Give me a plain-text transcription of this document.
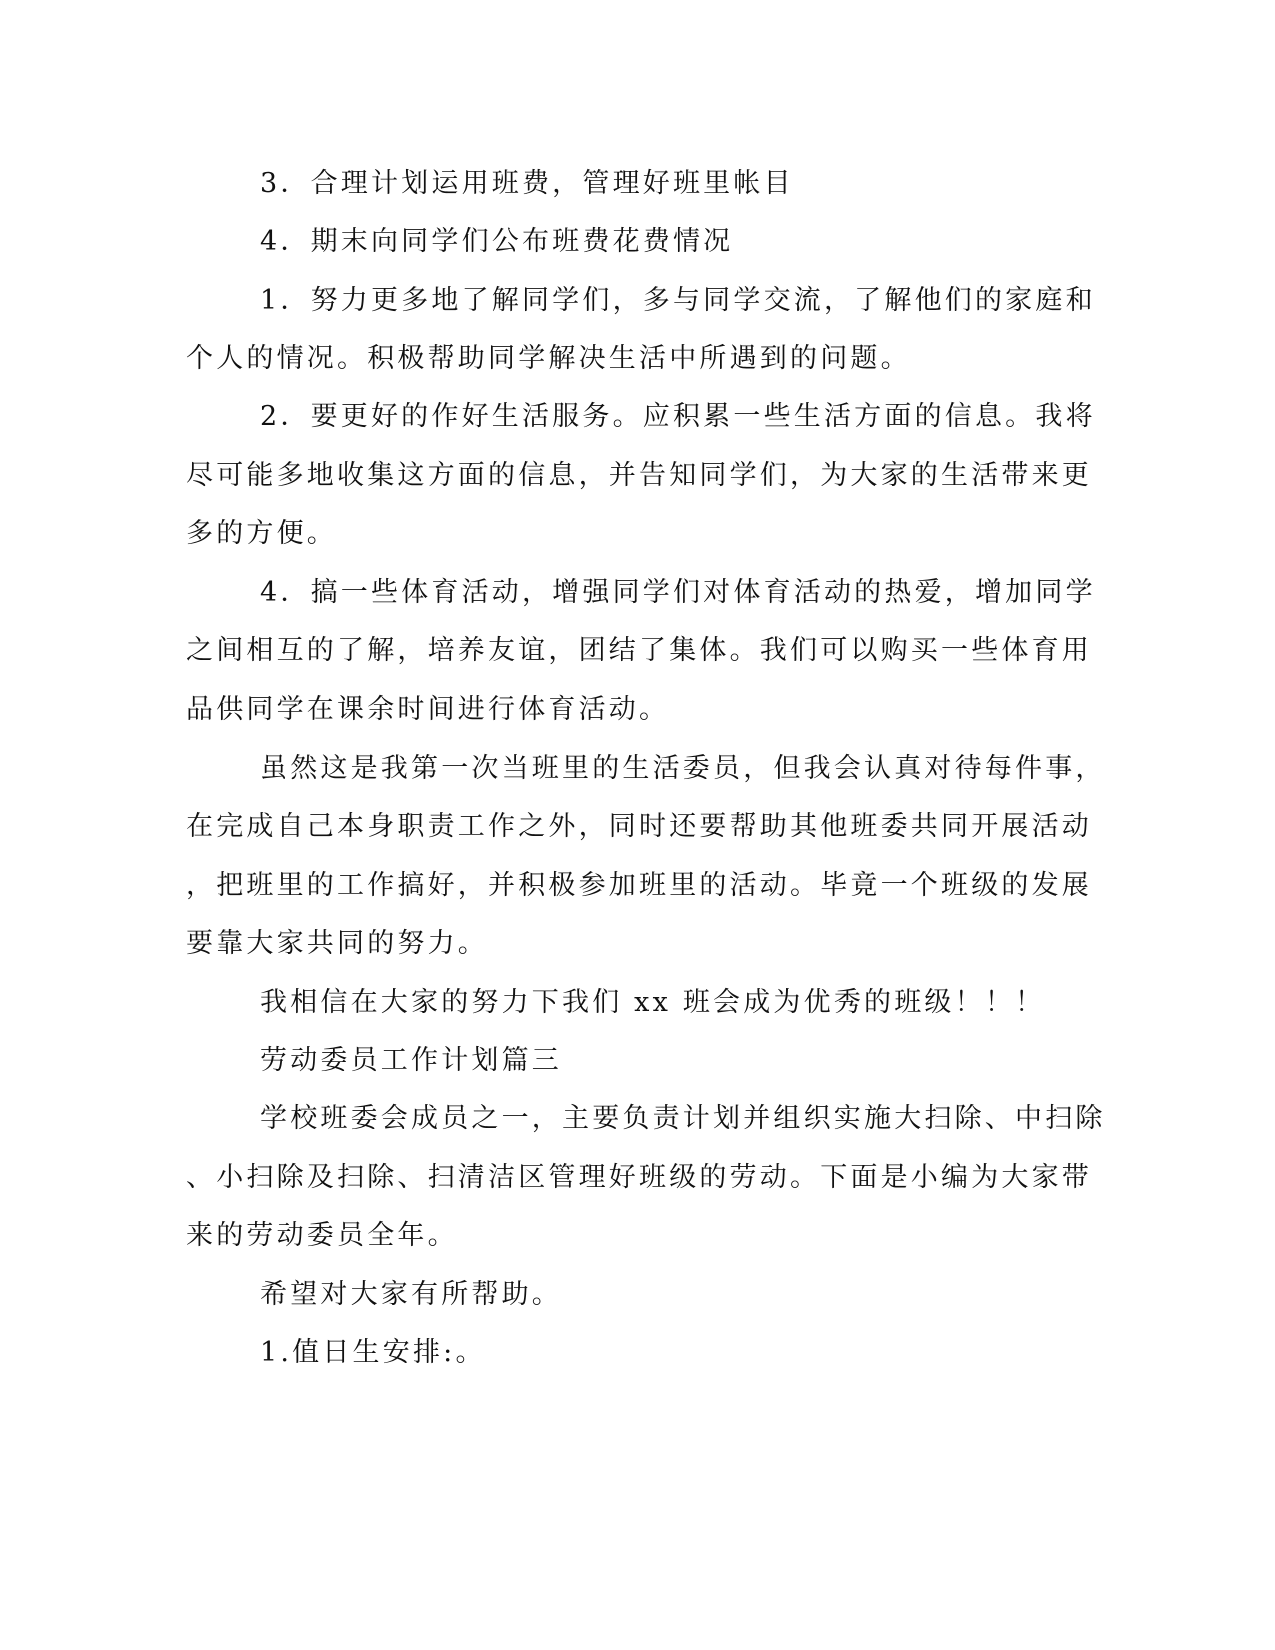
3．合理计划运用班费，管理好班里帐目
4．期末向同学们公布班费花费情况
1．努力更多地了解同学们，多与同学交流，了解他们的家庭和
个人的情况。积极帮助同学解决生活中所遇到的问题。
2．要更好的作好生活服务。应积累一些生活方面的信息。我将
尽可能多地收集这方面的信息，并告知同学们，为大家的生活带来更
多的方便。
4．搞一些体育活动，增强同学们对体育活动的热爱，增加同学
之间相互的了解，培养友谊，团结了集体。我们可以购买一些体育用
品供同学在课余时间进行体育活动。
虽然这是我第一次当班里的生活委员，但我会认真对待每件事，
在完成自己本身职责工作之外，同时还要帮助其他班委共同开展活动
，把班里的工作搞好，并积极参加班里的活动。毕竟一个班级的发展
要靠大家共同的努力。
我相信在大家的努力下我们 xx 班会成为优秀的班级！！！
劳动委员工作计划篇三
学校班委会成员之一，主要负责计划并组织实施大扫除、中扫除
、小扫除及扫除、扫清洁区管理好班级的劳动。下面是小编为大家带
来的劳动委员全年。
希望对大家有所帮助。
1.值日生安排:。
